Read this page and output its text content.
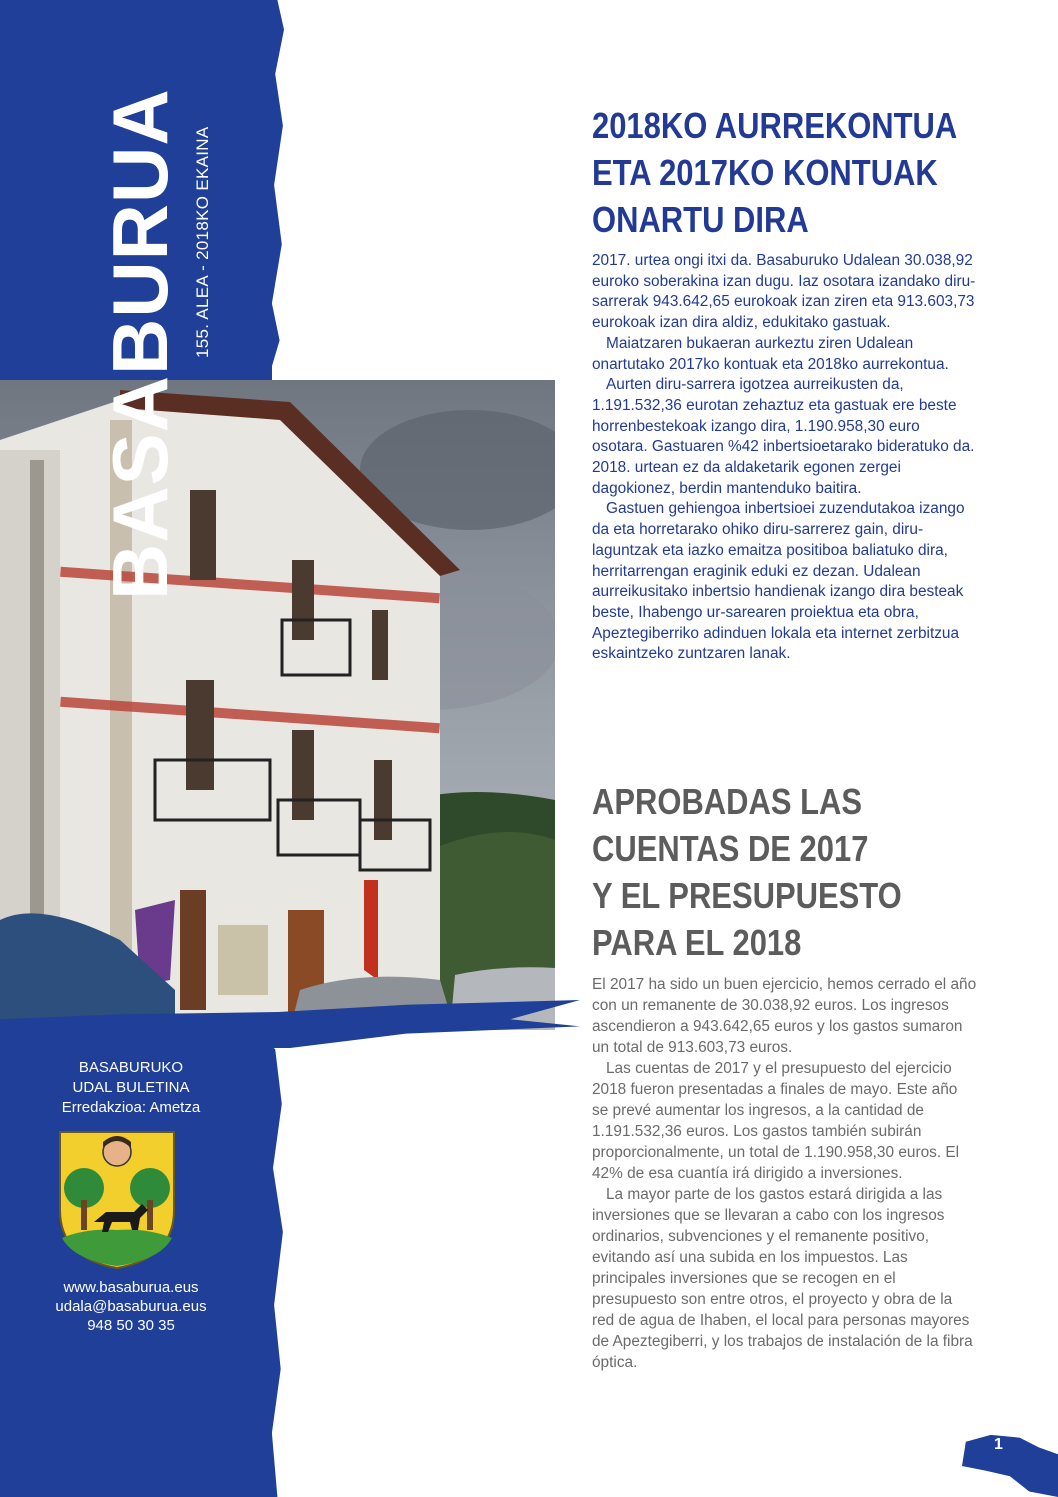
BASABURUA 155. ALEA - 2018KO EKAINA
BASABURUKO
UDAL BULETINA
Erredakzioa: Ametza
www.basaburua.eus
udala@basaburua.eus
948 50 30 35
2018KO AURREKONTUA
ETA 2017KO KONTUAK
ONARTU DIRA

2017. urtea ongi itxi da. Basaburuko Udalean 30.038,92 euroko soberakina izan dugu. Iaz osotara izandako diru-sarrerak 943.642,65 eurokoak izan ziren eta 913.603,73 eurokoak izan dira aldiz, edukitako gastuak.

Maiatzaren bukaeran aurkeztu ziren Udalean onartutako 2017ko kontuak eta 2018ko aurrekontua.

Aurten diru-sarrera igotzea aurreikusten da, 1.191.532,36 eurotan zehaztuz eta gastuak ere beste horrenbestekoak izango dira, 1.190.958,30 euro osotara. Gastuaren %42 inbertsioetarako bideratuko da. 2018. urtean ez da aldaketarik egonen zergei dagokionez, berdin mantenduko baitira.

Gastuen gehiengoa inbertsioei zuzendutakoa izango da eta horretarako ohiko diru-sarrerez gain, diru-laguntzak eta iazko emaitza positiboa baliatuko dira, herritarrengan eraginik eduki ez dezan. Udalean aurreikusitako inbertsio handienak izango dira besteak beste, Ihabengo ur-sarearen proiektua eta obra, Apeztegiberriko adinduen lokala eta internet zerbitzua eskaintzeko zuntzaren lanak.

APROBADAS LAS
CUENTAS DE 2017
Y EL PRESUPUESTO
PARA EL 2018

El 2017 ha sido un buen ejercicio, hemos cerrado el año con un remanente de 30.038,92 euros. Los ingresos ascendieron a 943.642,65 euros y los gastos sumaron un total de 913.603,73 euros.

Las cuentas de 2017 y el presupuesto del ejercicio 2018 fueron presentadas a finales de mayo. Este año se prevé aumentar los ingresos, a la cantidad de 1.191.532,36 euros. Los gastos también subirán proporcionalmente, un total de 1.190.958,30 euros. El 42% de esa cuantía irá dirigido a inversiones.

La mayor parte de los gastos estará dirigida a las inversiones que se llevaran a cabo con los ingresos ordinarios, subvenciones y el remanente positivo, evitando así una subida en los impuestos. Las principales inversiones que se recogen en el presupuesto son entre otros, el proyecto y obra de la red de agua de Ihaben, el local para personas mayores de Apeztegiberri, y los trabajos de instalación de la fibra óptica.

1
